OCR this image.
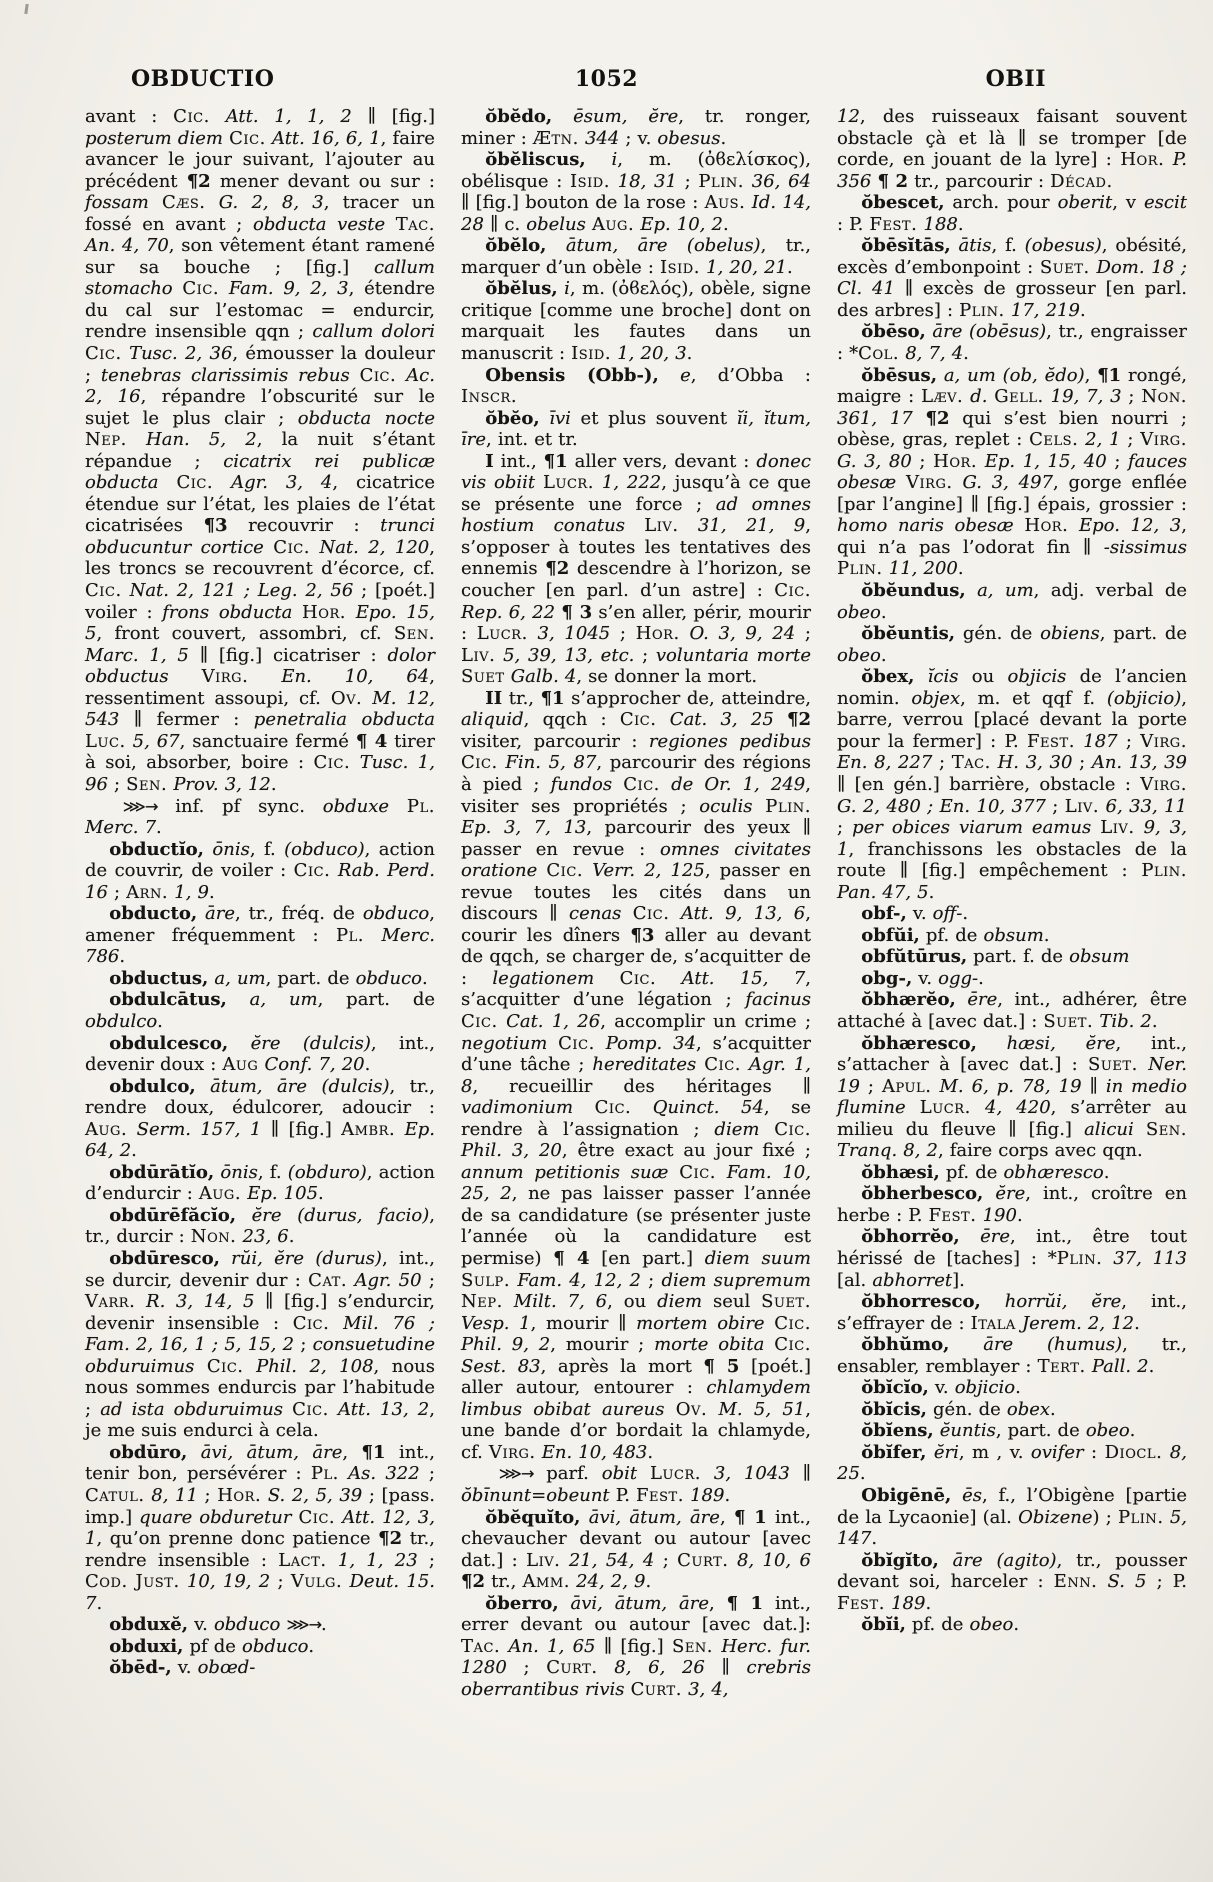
OBDUCTIO	1052	OBII

avant : Cic. Att. 1, 1, 2 ∥ [fig.] posterum diem Cic. Att. 16, 6, 1, faire avancer le jour suivant, l’ajouter au précédent ¶2 mener devant ou sur : fossam Cæs. G. 2, 8, 3, tracer un fossé en avant ; obducta veste Tac. An. 4, 70, son vêtement étant ramené sur sa bouche ; [fig.] callum stomacho Cic. Fam. 9, 2, 3, étendre du cal sur l’estomac = endurcir, rendre insensible qqn ; callum dolori Cic. Tusc. 2, 36, émousser la douleur ; tenebras clarissimis rebus Cic. Ac. 2, 16, répandre l’obscurité sur le sujet le plus clair ; obducta nocte Nep. Han. 5, 2, la nuit s’étant répandue ; cicatrix rei publicæ obducta Cic. Agr. 3, 4, cicatrice étendue sur l’état, les plaies de l’état cicatrisées ¶3 recouvrir : trunci obducuntur cortice Cic. Nat. 2, 120, les troncs se recouvrent d’écorce, cf. Cic. Nat. 2, 121 ; Leg. 2, 56 ; [poét.] voiler : frons obducta Hor. Epo. 15, 5, front couvert, assombri, cf. Sen. Marc. 1, 5 ∥ [fig.] cicatriser : dolor obductus Virg. En. 10, 64, ressentiment assoupi, cf. Ov. M. 12, 543 ∥ fermer : penetralia obducta Luc. 5, 67, sanctuaire fermé ¶ 4 tirer à soi, absorber, boire : Cic. Tusc. 1, 96 ; Sen. Prov. 3, 12.

⋙→ inf. pf sync. obduxe Pl. Merc. 7.

obductĭo, ōnis, f. (obduco), action de couvrir, de voiler : Cic. Rab. Perd. 16 ; Arn. 1, 9.

obducto, āre, tr., fréq. de obduco, amener fréquemment : Pl. Merc. 786.

obductus, a, um, part. de obduco.

obdulcātus, a, um, part. de obdulco.

obdulcesco, ĕre (dulcis), int., devenir doux : Aug Conf. 7, 20.

obdulco, ātum, āre (dulcis), tr., rendre doux, édulcorer, adoucir : Aug. Serm. 157, 1 ∥ [fig.] Ambr. Ep. 64, 2.

obdūrātĭo, ōnis, f. (obduro), action d’endurcir : Aug. Ep. 105.

obdūrēfăcĭo, ĕre (durus, facio), tr., durcir : Non. 23, 6.

obdūresco, rŭi, ĕre (durus), int., se durcir, devenir dur : Cat. Agr. 50 ; Varr. R. 3, 14, 5 ∥ [fig.] s’endurcir, devenir insensible : Cic. Mil. 76 ; Fam. 2, 16, 1 ; 5, 15, 2 ; consuetudine obduruimus Cic. Phil. 2, 108, nous nous sommes endurcis par l’habitude ; ad ista obduruimus Cic. Att. 13, 2, je me suis endurci à cela.

obdūro, āvi, ātum, āre, ¶1 int., tenir bon, persévérer : Pl. As. 322 ; Catul. 8, 11 ; Hor. S. 2, 5, 39 ; [pass. imp.] quare obduretur Cic. Att. 12, 3, 1, qu’on prenne donc patience ¶2 tr., rendre insensible : Lact. 1, 1, 23 ; Cod. Just. 10, 19, 2 ; Vulg. Deut. 15. 7.

obduxĕ, v. obduco ⋙→.

obduxi, pf de obduco.

ŏbēd-, v. obœd-

ŏbĕdo, ēsum, ĕre, tr. ronger, miner : Ætn. 344 ; v. obesus.

ŏbĕliscus, i, m. (ὀϐελίσκος), obélisque : Isid. 18, 31 ; Plin. 36, 64 ∥ [fig.] bouton de la rose : Aus. Id. 14, 28 ∥ c. obelus Aug. Ep. 10, 2.

ŏbĕlo, ātum, āre (obelus), tr., marquer d’un obèle : Isid. 1, 20, 21.

ŏbĕlus, i, m. (ὀϐελός), obèle, signe critique [comme une broche] dont on marquait les fautes dans un manuscrit : Isid. 1, 20, 3.

Obensis (Obb-), e, d’Obba : Inscr.

ŏbĕo, īvi et plus souvent ĭi, ĭtum, īre, int. et tr.

I int., ¶1 aller vers, devant : donec vis obiit Lucr. 1, 222, jusqu’à ce que se présente une force ; ad omnes hostium conatus Liv. 31, 21, 9, s’opposer à toutes les tentatives des ennemis ¶2 descendre à l’horizon, se coucher [en parl. d’un astre] : Cic. Rep. 6, 22 ¶ 3 s’en aller, périr, mourir : Lucr. 3, 1045 ; Hor. O. 3, 9, 24 ; Liv. 5, 39, 13, etc. ; voluntaria morte Suet Galb. 4, se donner la mort.

II tr., ¶1 s’approcher de, atteindre, aliquid, qqch : Cic. Cat. 3, 25 ¶2 visiter, parcourir : regiones pedibus Cic. Fin. 5, 87, parcourir des régions à pied ; fundos Cic. de Or. 1, 249, visiter ses propriétés ; oculis Plin. Ep. 3, 7, 13, parcourir des yeux ∥ passer en revue : omnes civitates oratione Cic. Verr. 2, 125, passer en revue toutes les cités dans un discours ∥ cenas Cic. Att. 9, 13, 6, courir les dîners ¶3 aller au devant de qqch, se charger de, s’acquitter de : legationem Cic. Att. 15, 7, s’acquitter d’une légation ; facinus Cic. Cat. 1, 26, accomplir un crime ; negotium Cic. Pomp. 34, s’acquitter d’une tâche ; hereditates Cic. Agr. 1, 8, recueillir des héritages ∥ vadimonium Cic. Quinct. 54, se rendre à l’assignation ; diem Cic. Phil. 3, 20, être exact au jour fixé ; annum petitionis suæ Cic. Fam. 10, 25, 2, ne pas laisser passer l’année de sa candidature (se présenter juste l’année où la candidature est permise) ¶ 4 [en part.] diem suum Sulp. Fam. 4, 12, 2 ; diem supremum Nep. Milt. 7, 6, ou diem seul Suet. Vesp. 1, mourir ∥ mortem obire Cic. Phil. 9, 2, mourir ; morte obita Cic. Sest. 83, après la mort ¶ 5 [poét.] aller autour, entourer : chlamydem limbus obibat aureus Ov. M. 5, 51, une bande d’or bordait la chlamyde, cf. Virg. En. 10, 483.

⋙→ parf. obit Lucr. 3, 1043 ∥ ŏbīnunt=obeunt P. Fest. 189.

ŏbĕquĭto, āvi, ātum, āre, ¶ 1 int., chevaucher devant ou autour [avec dat.] : Liv. 21, 54, 4 ; Curt. 8, 10, 6 ¶2 tr., Amm. 24, 2, 9.

ŏberro, āvi, ātum, āre, ¶ 1 int., errer devant ou autour [avec dat.]: Tac. An. 1, 65 ∥ [fig.] Sen. Herc. fur. 1280 ; Curt. 8, 6, 26 ∥ crebris oberrantibus rivis Curt. 3, 4,

12, des ruisseaux faisant souvent obstacle çà et là ∥ se tromper [de corde, en jouant de la lyre] : Hor. P. 356 ¶ 2 tr., parcourir : Décad.

ŏbescet, arch. pour oberit, v escit : P. Fest. 188.

ŏbēsĭtās, ātis, f. (obesus), obésité, excès d’embonpoint : Suet. Dom. 18 ; Cl. 41 ∥ excès de grosseur [en parl. des arbres] : Plin. 17, 219.

ŏbēso, āre (obēsus), tr., engraisser : *Col. 8, 7, 4.

ŏbēsus, a, um (ob, ĕdo), ¶1 rongé, maigre : Læv. d. Gell. 19, 7, 3 ; Non. 361, 17 ¶2 qui s’est bien nourri ; obèse, gras, replet : Cels. 2, 1 ; Virg. G. 3, 80 ; Hor. Ep. 1, 15, 40 ; fauces obesæ Virg. G. 3, 497, gorge enflée [par l’angine] ∥ [fig.] épais, grossier : homo naris obesæ Hor. Epo. 12, 3, qui n’a pas l’odorat fin ∥ -sissimus Plin. 11, 200.

ŏbĕundus, a, um, adj. verbal de obeo.

ŏbĕuntis, gén. de obiens, part. de obeo.

ŏbex, ĭcis ou objicis de l’ancien nomin. objex, m. et qqf f. (objicio), barre, verrou [placé devant la porte pour la fermer] : P. Fest. 187 ; Virg. En. 8, 227 ; Tac. H. 3, 30 ; An. 13, 39 ∥ [en gén.] barrière, obstacle : Virg. G. 2, 480 ; En. 10, 377 ; Liv. 6, 33, 11 ; per obices viarum eamus Liv. 9, 3, 1, franchissons les obstacles de la route ∥ [fig.] empêchement : Plin. Pan. 47, 5.

obf-, v. off-.

obfŭi, pf. de obsum.

obfŭtūrus, part. f. de obsum

obg-, v. ogg-.

ŏbhærĕo, ēre, int., adhérer, être attaché à [avec dat.] : Suet. Tib. 2.

ŏbhæresco, hæsi, ĕre, int., s’attacher à [avec dat.] : Suet. Ner. 19 ; Apul. M. 6, p. 78, 19 ∥ in medio flumine Lucr. 4, 420, s’arrêter au milieu du fleuve ∥ [fig.] alicui Sen. Tranq. 8, 2, faire corps avec qqn.

ŏbhæsi, pf. de obhæresco.

ŏbherbesco, ĕre, int., croître en herbe : P. Fest. 190.

ŏbhorrĕo, ēre, int., être tout hérissé de [taches] : *Plin. 37, 113 [al. abhorret].

ŏbhorresco, horrŭi, ĕre, int., s’effrayer de : Itala Jerem. 2, 12.

ŏbhŭmo, āre (humus), tr., ensabler, remblayer : Tert. Pall. 2.

ŏbĭcĭo, v. objicio.

ŏbĭcis, gén. de obex.

ŏbĭens, ĕuntis, part. de obeo.

ŏbĭfer, ĕri, m , v. ovifer : Diocl. 8, 25.

Obigēnē, ēs, f., l’Obigène [partie de la Lycaonie] (al. Obizene) ; Plin. 5, 147.

ŏbĭgĭto, āre (agito), tr., pousser devant soi, harceler : Enn. S. 5 ; P. Fest. 189.

ŏbĭi, pf. de obeo.
